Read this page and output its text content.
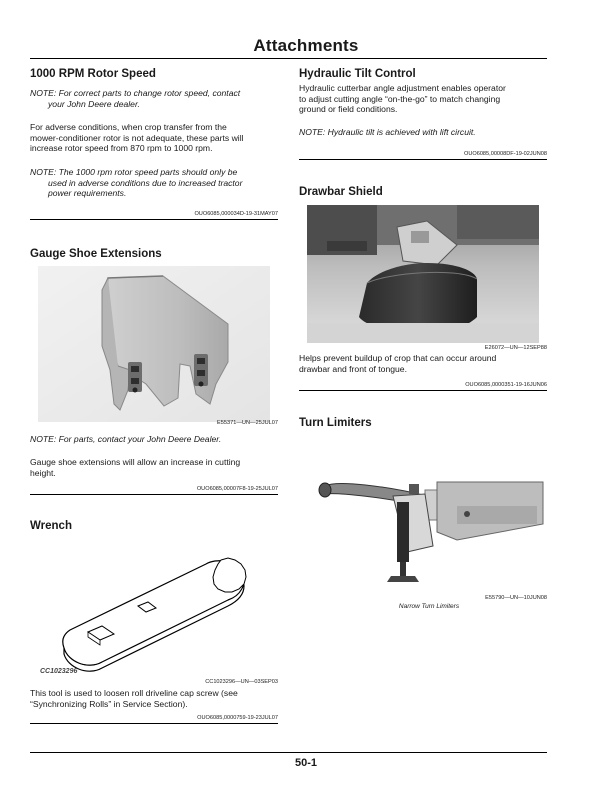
Attachments
1000 RPM Rotor Speed
NOTE: For correct parts to change rotor speed, contact
your John Deere dealer.
For adverse conditions, when crop transfer from the
mower-conditioner rotor is not adequate, these parts will
increase rotor speed from 870 rpm to 1000 rpm.
NOTE: The 1000 rpm rotor speed parts should only be
used in adverse conditions due to increased tractor
power requirements.
OUO6085,000034D-19-31MAY07
Gauge Shoe Extensions
E55371—UN—25JUL07
NOTE: For parts, contact your John Deere Dealer.
Gauge shoe extensions will allow an increase in cutting
height.
OUO6085,00007F8-19-25JUL07
Wrench
CC1023296
CC1023296—UN—03SEP03
This tool is used to loosen roll driveline cap screw (see
“Synchronizing Rolls” in Service Section).
OUO6085,0000759-19-23JUL07
Hydraulic Tilt Control
Hydraulic cutterbar angle adjustment enables operator
to adjust cutting angle “on-the-go” to match changing
ground or field conditions.
NOTE: Hydraulic tilt is achieved with lift circuit.
OUO6085,00008DF-19-02JUN08
Drawbar Shield
E26072—UN—12SEP88
Helps prevent buildup of crop that can occur around
drawbar and front of tongue.
OUO6085,0000351-19-16JUN06
Turn Limiters
E55790—UN—10JUN08
Narrow Turn Limiters
50-1
